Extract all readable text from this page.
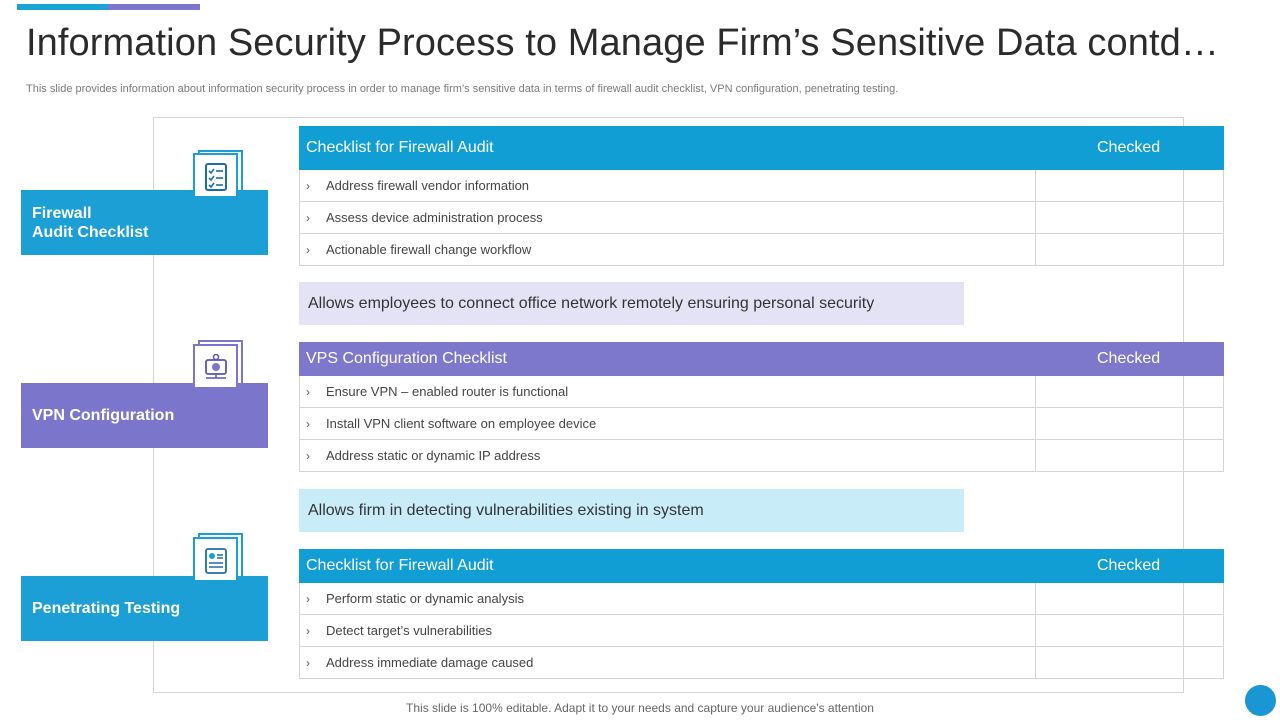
Information Security Process to Manage Firm’s Sensitive Data contd…
This slide provides information about information security process in order to manage firm’s sensitive data in terms of firewall audit checklist, VPN configuration, penetrating testing.
Firewall
Audit Checklist
Checklist for Firewall Audit	Checked
› Address firewall vendor information
› Assess device administration process
› Actionable firewall change workflow
Allows employees to connect office network remotely ensuring personal security
VPN Configuration
VPS Configuration Checklist	Checked
› Ensure VPN – enabled router is functional
› Install VPN client software on employee device
› Address static or dynamic IP address
Allows firm in detecting vulnerabilities existing in system
Penetrating Testing
Checklist for Firewall Audit	Checked
› Perform static or dynamic analysis
› Detect target’s vulnerabilities
› Address immediate damage caused
This slide is 100% editable. Adapt it to your needs and capture your audience's attention
